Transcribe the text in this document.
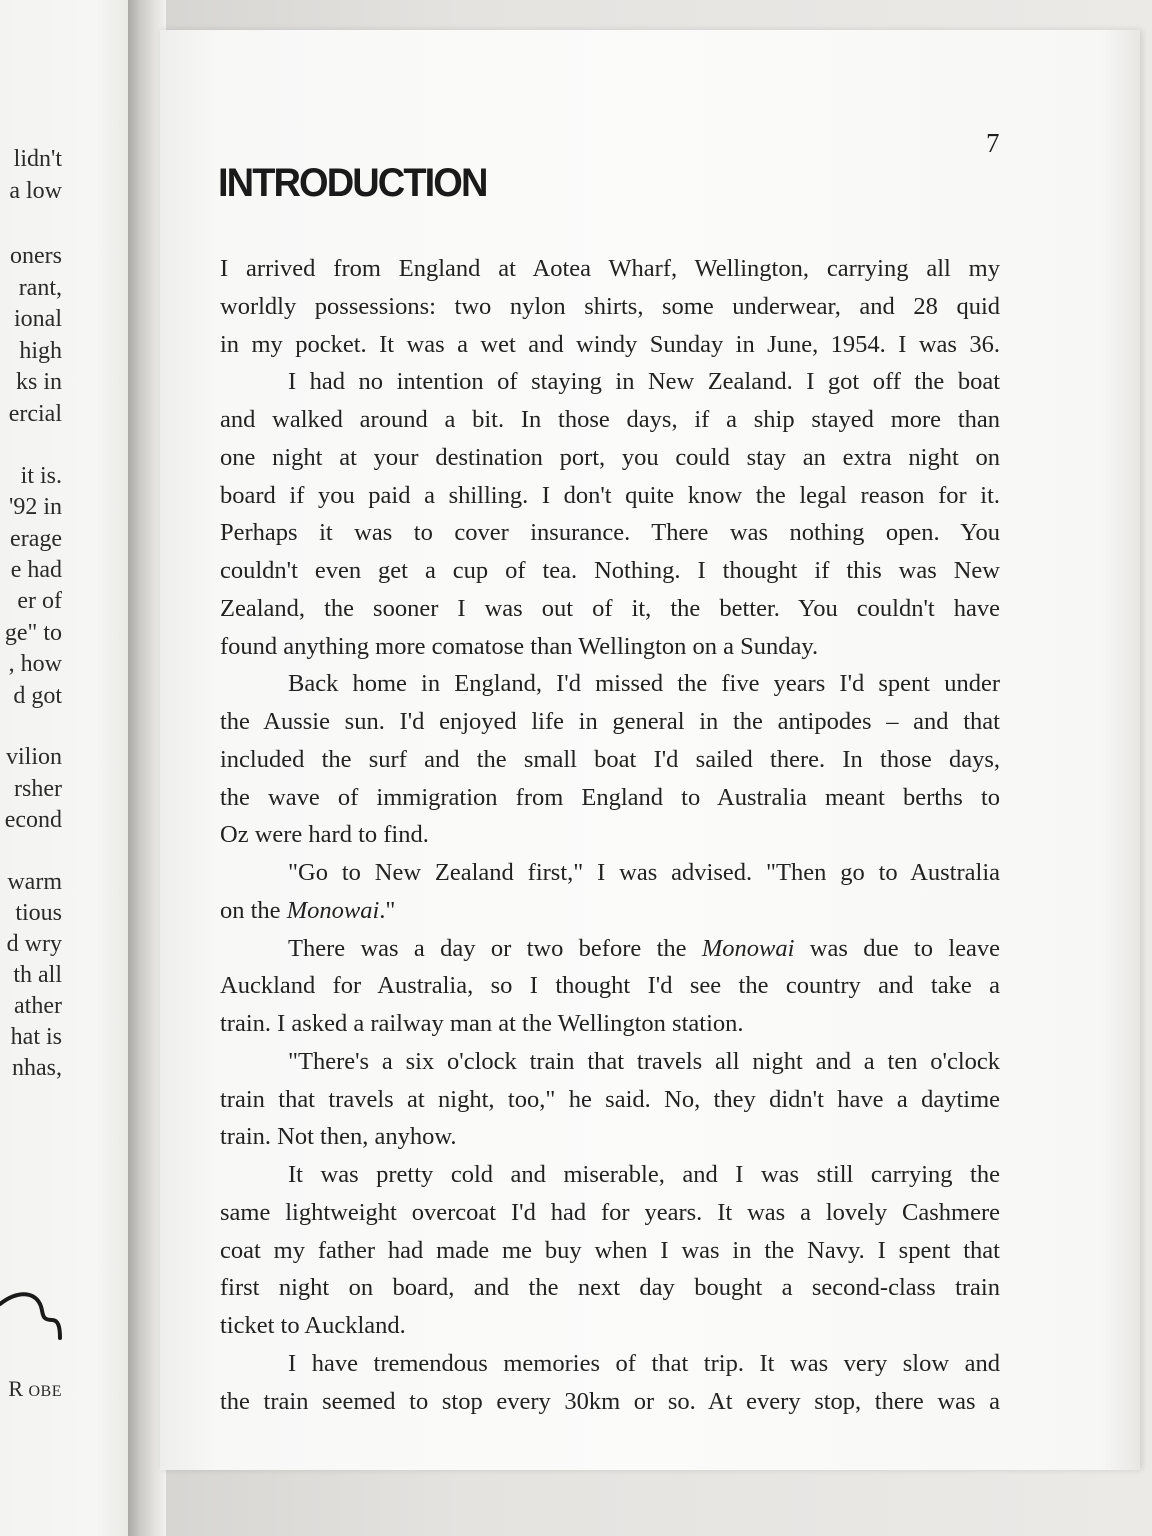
R OBE
lidn't
a low
oners
rant,
ional
high
ks in
ercial
it is.
'92 in
erage
e had
er of
ge" to
, how
d got
vilion
rsher
econd
warm
tious
d wry
th all
ather
hat is
nhas,

7
INTRODUCTION
I arrived from England at Aotea Wharf, Wellington, carrying all my
worldly possessions: two nylon shirts, some underwear, and 28 quid
in my pocket. It was a wet and windy Sunday in June, 1954. I was 36.
I had no intention of staying in New Zealand. I got off the boat
and walked around a bit. In those days, if a ship stayed more than
one night at your destination port, you could stay an extra night on
board if you paid a shilling. I don't quite know the legal reason for it.
Perhaps it was to cover insurance. There was nothing open. You
couldn't even get a cup of tea. Nothing. I thought if this was New
Zealand, the sooner I was out of it, the better. You couldn't have
found anything more comatose than Wellington on a Sunday.
Back home in England, I'd missed the five years I'd spent under
the Aussie sun. I'd enjoyed life in general in the antipodes – and that
included the surf and the small boat I'd sailed there. In those days,
the wave of immigration from England to Australia meant berths to
Oz were hard to find.
"Go to New Zealand first," I was advised. "Then go to Australia
on the Monowai."
There was a day or two before the Monowai was due to leave
Auckland for Australia, so I thought I'd see the country and take a
train. I asked a railway man at the Wellington station.
"There's a six o'clock train that travels all night and a ten o'clock
train that travels at night, too," he said. No, they didn't have a daytime
train. Not then, anyhow.
It was pretty cold and miserable, and I was still carrying the
same lightweight overcoat I'd had for years. It was a lovely Cashmere
coat my father had made me buy when I was in the Navy. I spent that
first night on board, and the next day bought a second-class train
ticket to Auckland.
I have tremendous memories of that trip. It was very slow and
the train seemed to stop every 30km or so. At every stop, there was a
